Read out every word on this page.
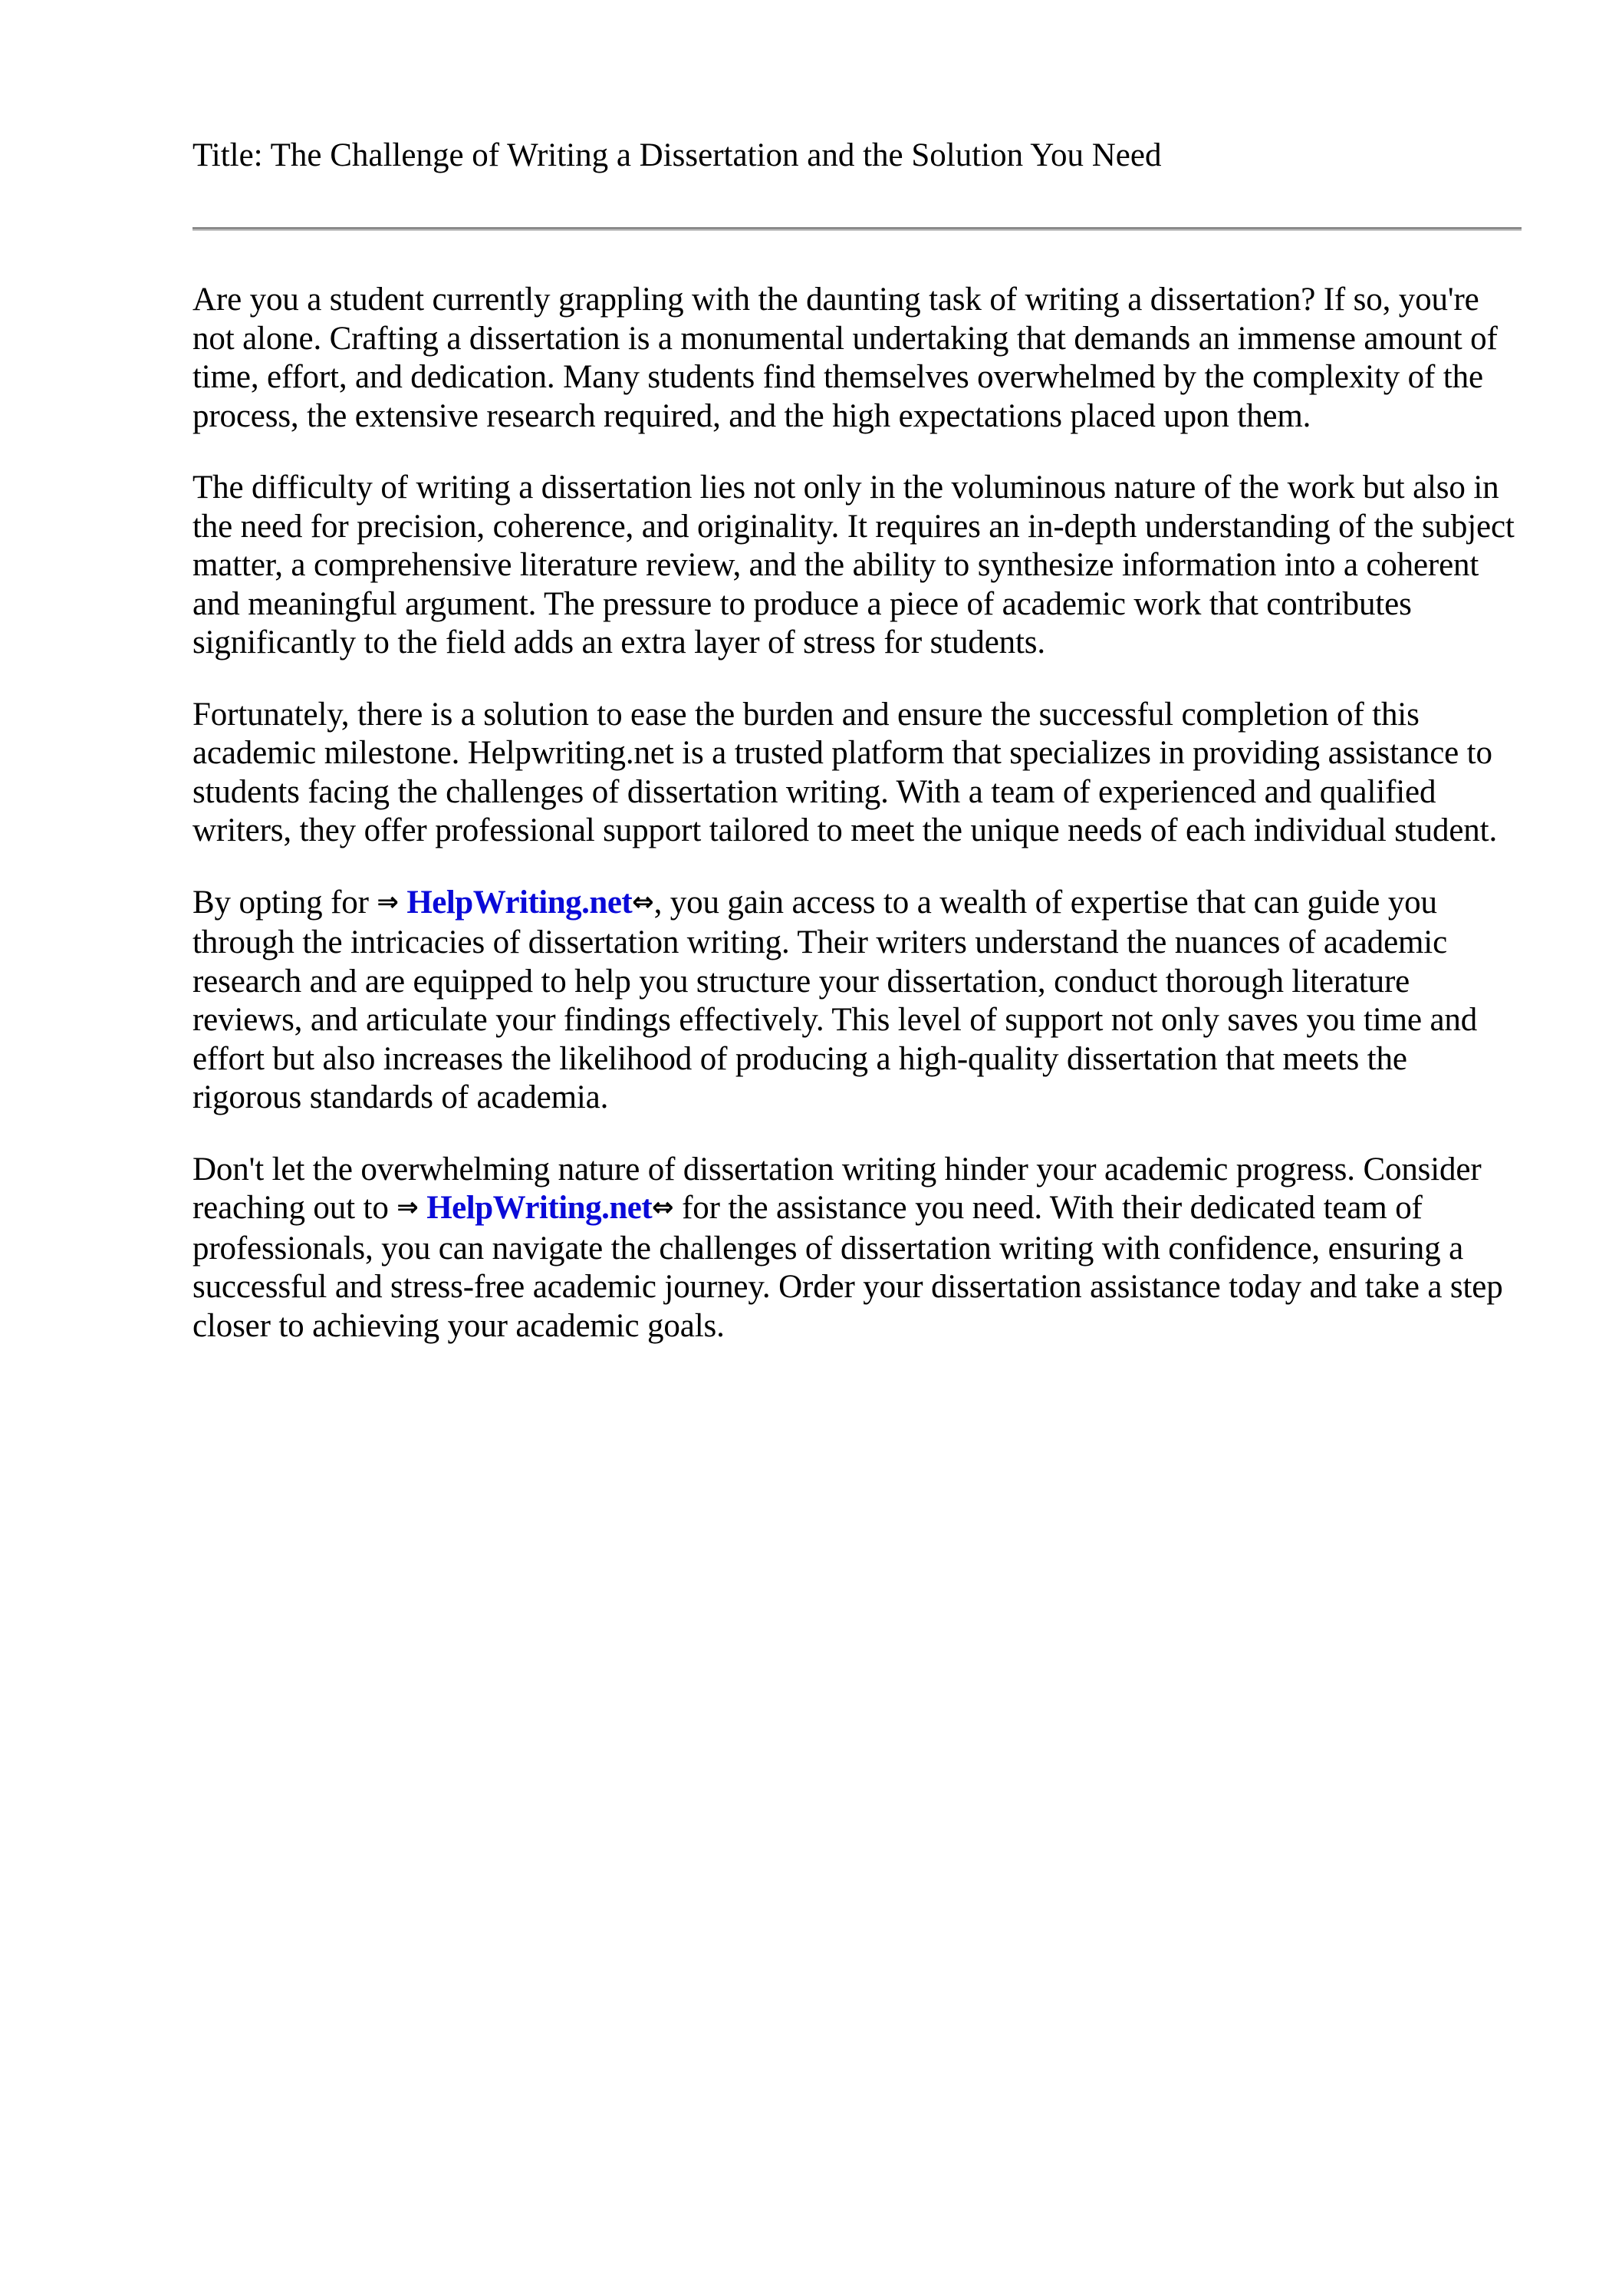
Title: The Challenge of Writing a Dissertation and the Solution You Need

Are you a student currently grappling with the daunting task of writing a dissertation? If so, you're not alone. Crafting a dissertation is a monumental undertaking that demands an immense amount of time, effort, and dedication. Many students find themselves overwhelmed by the complexity of the process, the extensive research required, and the high expectations placed upon them.

The difficulty of writing a dissertation lies not only in the voluminous nature of the work but also in the need for precision, coherence, and originality. It requires an in-depth understanding of the subject matter, a comprehensive literature review, and the ability to synthesize information into a coherent and meaningful argument. The pressure to produce a piece of academic work that contributes significantly to the field adds an extra layer of stress for students.

Fortunately, there is a solution to ease the burden and ensure the successful completion of this academic milestone. Helpwriting.net is a trusted platform that specializes in providing assistance to students facing the challenges of dissertation writing. With a team of experienced and qualified writers, they offer professional support tailored to meet the unique needs of each individual student.

By opting for ⇒ HelpWriting.net⇔, you gain access to a wealth of expertise that can guide you through the intricacies of dissertation writing. Their writers understand the nuances of academic research and are equipped to help you structure your dissertation, conduct thorough literature reviews, and articulate your findings effectively. This level of support not only saves you time and effort but also increases the likelihood of producing a high-quality dissertation that meets the rigorous standards of academia.

Don't let the overwhelming nature of dissertation writing hinder your academic progress. Consider reaching out to ⇒ HelpWriting.net⇔ for the assistance you need. With their dedicated team of professionals, you can navigate the challenges of dissertation writing with confidence, ensuring a successful and stress-free academic journey. Order your dissertation assistance today and take a step closer to achieving your academic goals.
